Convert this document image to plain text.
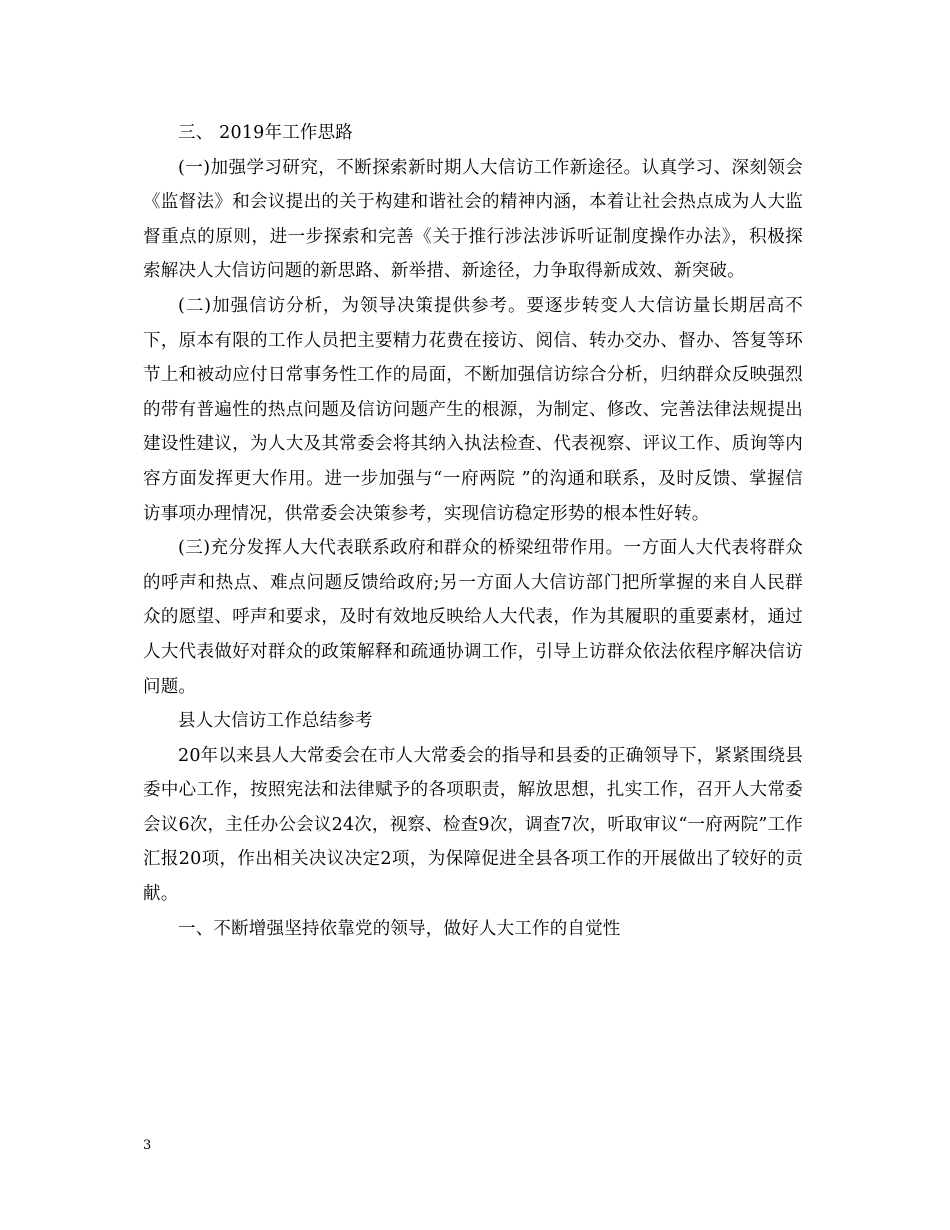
三、 2019年工作思路

(一)加强学习研究，不断探索新时期人大信访工作新途径。认真学习、深刻领会《监督法》和会议提出的关于构建和谐社会的精神内涵，本着让社会热点成为人大监督重点的原则，进一步探索和完善《关于推行涉法涉诉听证制度操作办法》，积极探索解决人大信访问题的新思路、新举措、新途径，力争取得新成效、新突破。

(二)加强信访分析，为领导决策提供参考。要逐步转变人大信访量长期居高不下，原本有限的工作人员把主要精力花费在接访、阅信、转办交办、督办、答复等环节上和被动应付日常事务性工作的局面，不断加强信访综合分析，归纳群众反映强烈的带有普遍性的热点问题及信访问题产生的根源，为制定、修改、完善法律法规提出建设性建议，为人大及其常委会将其纳入执法检查、代表视察、评议工作、质询等内容方面发挥更大作用。进一步加强与“一府两院 ”的沟通和联系，及时反馈、掌握信访事项办理情况，供常委会决策参考，实现信访稳定形势的根本性好转。

(三)充分发挥人大代表联系政府和群众的桥梁纽带作用。一方面人大代表将群众的呼声和热点、难点问题反馈给政府;另一方面人大信访部门把所掌握的来自人民群众的愿望、呼声和要求，及时有效地反映给人大代表，作为其履职的重要素材，通过人大代表做好对群众的政策解释和疏通协调工作，引导上访群众依法依程序解决信访问题。

县人大信访工作总结参考

20年以来县人大常委会在市人大常委会的指导和县委的正确领导下，紧紧围绕县委中心工作，按照宪法和法律赋予的各项职责，解放思想，扎实工作，召开人大常委会议6次，主任办公会议24次，视察、检查9次，调查7次，听取审议“一府两院”工作汇报20项，作出相关决议决定2项，为保障促进全县各项工作的开展做出了较好的贡献。

一、不断增强坚持依靠党的领导，做好人大工作的自觉性

3
